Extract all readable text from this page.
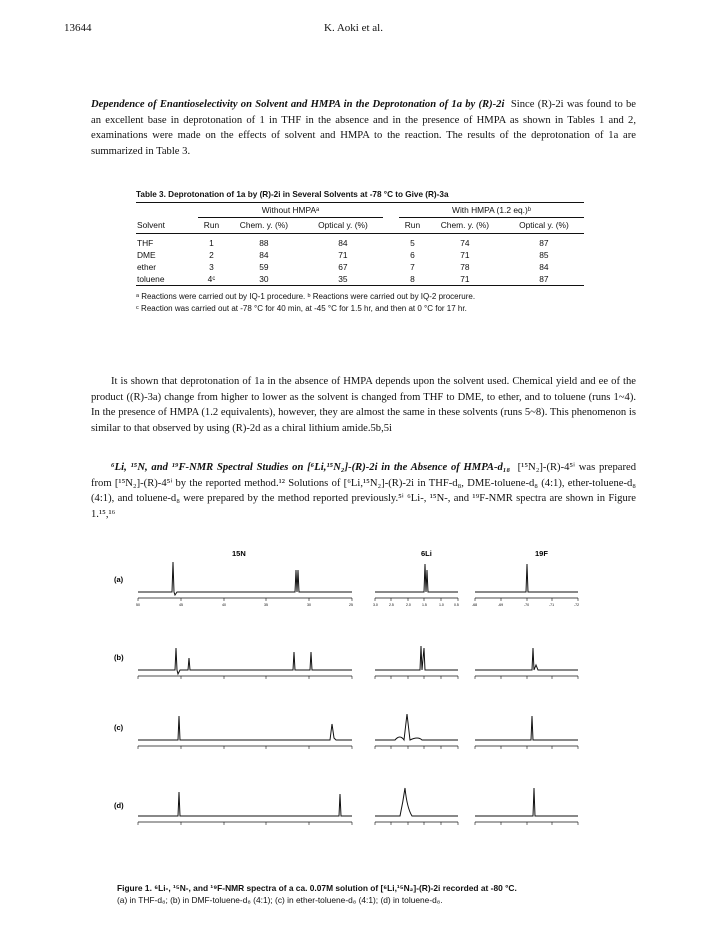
13644	K. Aoki et al.
Dependence of Enantioselectivity on Solvent and HMPA in the Deprotonation of 1a by (R)-2i Since (R)-2i was found to be an excellent base in deprotonation of 1 in THF in the absence and in the presence of HMPA as shown in Tables 1 and 2, examinations were made on the effects of solvent and HMPA to the reaction. The results of the deprotonation of 1a are summarized in Table 3.
Table 3. Deprotonation of 1a by (R)-2i in Several Solvents at -78 °C to Give (R)-3a
	Without HMPAᵃ				With HMPA (1.2 eq.)ᵇ		
Solvent	Run	Chem. y. (%)	Optical y. (%)		Run	Chem. y. (%)	Optical y. (%)

THF	1	88	84		5	74	87
DME	2	84	71		6	71	85
ether	3	59	67		7	78	84
toluene	4ᶜ	30	35		8	71	87
ᵃ Reactions were carried out by IQ-1 procedure. ᵇ Reactions were carried out by IQ-2 procerure.
ᶜ Reaction was carried out at -78 °C for 40 min, at -45 °C for 1.5 hr, and then at 0 °C for 17 hr.
It is shown that deprotonation of 1a in the absence of HMPA depends upon the solvent used. Chemical yield and ee of the product ((R)-3a) change from higher to lower as the solvent is changed from THF to DME, to ether, and to toluene (runs 1~4). In the presence of HMPA (1.2 equivalents), however, they are almost the same in these solvents (runs 5~8). This phenomenon is similar to that observed by using (R)-2d as a chiral lithium amide.5b,5i
⁶Li, ¹⁵N, and ¹⁹F-NMR Spectral Studies on [⁶Li,¹⁵N₂]-(R)-2i in the Absence of HMPA-d₁₈ [¹⁵N₂]-(R)-4⁵ⁱ was prepared from [¹⁵N₂]-(R)-4⁵ⁱ by the reported method.¹² Solutions of [⁶Li,¹⁵N₂]-(R)-2i in THF-d₈, DME-toluene-d₈ (4:1), ether-toluene-d₈ (4:1), and toluene-d₈ were prepared by the method reported previously.⁵ⁱ ⁶Li-, ¹⁵N-, and ¹⁹F-NMR spectra are shown in Figure 1.¹⁵,¹⁶
15N	6Li	19F
(a)
(b)
(c)
(d)
50	45	40	35	30	25	3.0	2.5	2.0	1.5	1.0	0.5	-68	-69	-70	-71	-72
Figure 1. ⁶Li-, ¹⁵N-, and ¹⁹F-NMR spectra of a ca. 0.07M solution of [⁶Li,¹⁵N₂]-(R)-2i recorded at -80 °C.
(a) in THF-d₈; (b) in DMF-toluene-d₈ (4:1); (c) in ether-toluene-d₈ (4:1); (d) in toluene-d₈.
